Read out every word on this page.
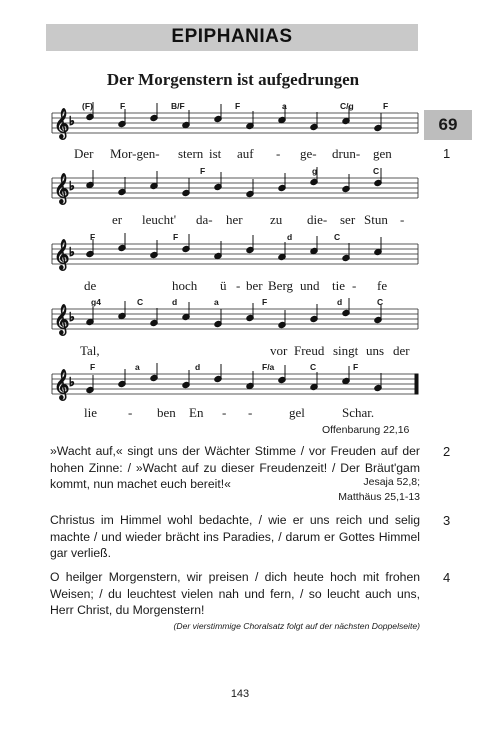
EPIPHANIAS
69
Der Morgenstern ist aufgedrungen
1
𝄞 ♭
𝄞 ♭
𝄞 ♭
𝄞 ♭
𝄞 ♭
(F)	F	B/F	F	a	C/g	F
F	g	C
F	F	d	C
g4	C	d	a	F	d	C
F	a	d	F/a	C	F
Der Mor-gen- stern ist auf - ge- drun- gen
er leucht' da- her zu die- ser Stun -
de	hoch ü - ber Berg und tie - fe
Tal,	vor Freud singt uns der
lie - ben En - -	gel	Schar.
Offenbarung 22,16
2
»Wacht auf,« singt uns der Wächter Stimme / vor Freuden auf der hohen Zinne: / »Wacht auf zu dieser Freudenzeit! / Der Bräut'gam kommt, nun machet euch bereit!«	Jesaja 52,8;
Matthäus 25,1-13
3
Christus im Himmel wohl bedachte, / wie er uns reich und selig machte / und wieder brächt ins Paradies, / darum er Gottes Himmel gar verließ.
4
O heilger Morgenstern, wir preisen / dich heute hoch mit frohen Weisen; / du leuchtest vielen nah und fern, / so leucht auch uns, Herr Christ, du Morgenstern!
(Der vierstimmige Choralsatz folgt auf der nächsten Doppelseite)
143
